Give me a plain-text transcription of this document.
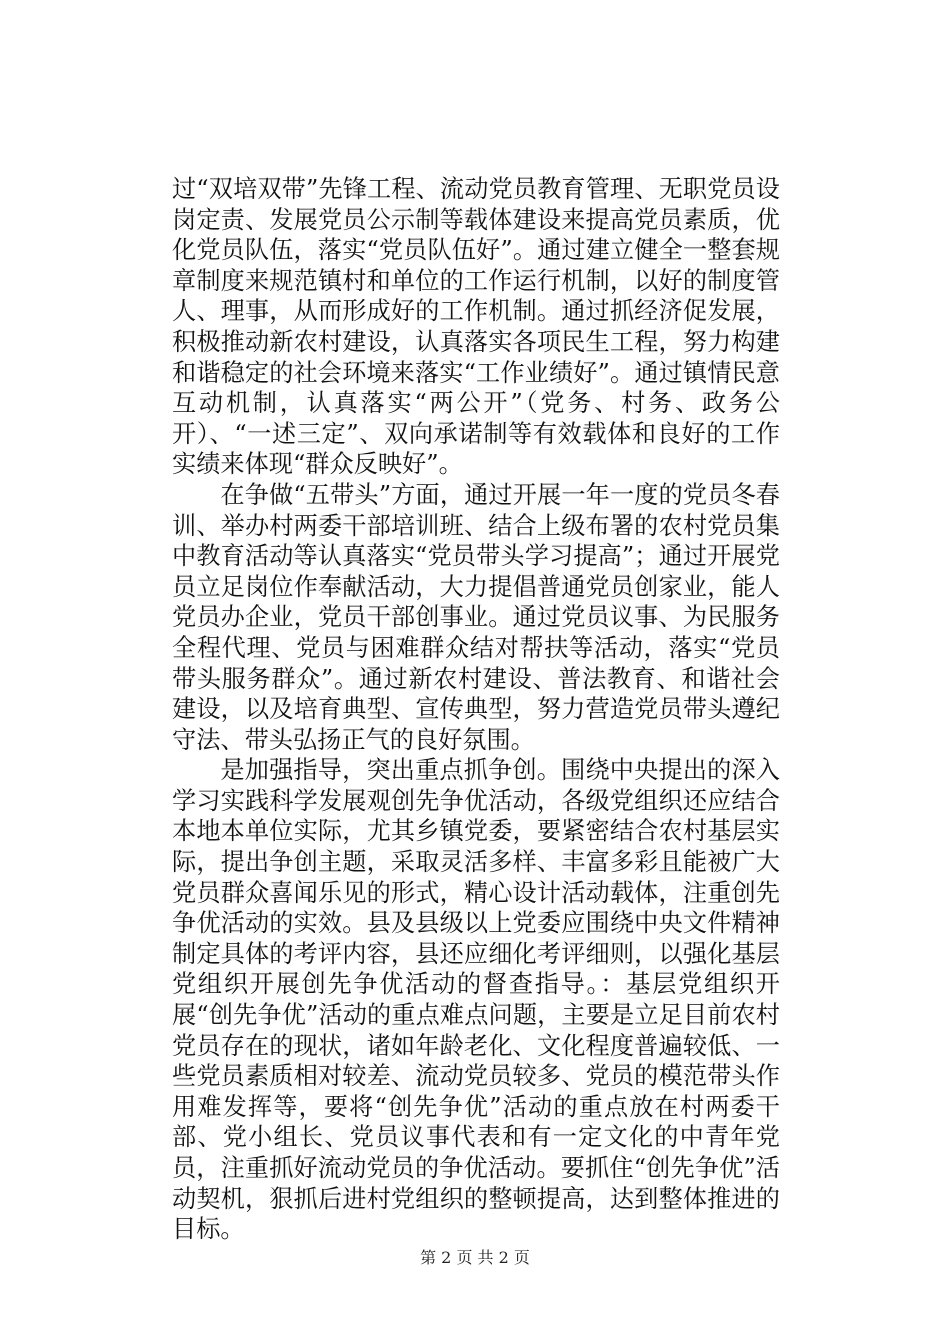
过“双培双带”先锋工程、流动党员教育管理、无职党员设岗定责、发展党员公示制等载体建设来提高党员素质，优化党员队伍，落实“党员队伍好”。通过建立健全一整套规章制度来规范镇村和单位的工作运行机制，以好的制度管人、理事，从而形成好的工作机制。通过抓经济促发展，积极推动新农村建设，认真落实各项民生工程，努力构建和谐稳定的社会环境来落实“工作业绩好”。通过镇情民意互动机制，认真落实“两公开”（党务、村务、政务公开）、“一述三定”、双向承诺制等有效载体和良好的工作实绩来体现“群众反映好”。

在争做“五带头”方面，通过开展一年一度的党员冬春训、举办村两委干部培训班、结合上级布署的农村党员集中教育活动等认真落实“党员带头学习提高”；通过开展党员立足岗位作奉献活动，大力提倡普通党员创家业，能人党员办企业，党员干部创事业。通过党员议事、为民服务全程代理、党员与困难群众结对帮扶等活动，落实“党员带头服务群众”。通过新农村建设、普法教育、和谐社会建设，以及培育典型、宣传典型，努力营造党员带头遵纪守法、带头弘扬正气的良好氛围。

是加强指导，突出重点抓争创。围绕中央提出的深入学习实践科学发展观创先争优活动，各级党组织还应结合本地本单位实际，尤其乡镇党委，要紧密结合农村基层实际，提出争创主题，采取灵活多样、丰富多彩且能被广大党员群众喜闻乐见的形式，精心设计活动载体，注重创先争优活动的实效。县及县级以上党委应围绕中央文件精神制定具体的考评内容，县还应细化考评细则，以强化基层党组织开展创先争优活动的督查指导。：基层党组织开展“创先争优”活动的重点难点问题，主要是立足目前农村党员存在的现状，诸如年龄老化、文化程度普遍较低、一些党员素质相对较差、流动党员较多、党员的模范带头作用难发挥等，要将“创先争优”活动的重点放在村两委干部、党小组长、党员议事代表和有一定文化的中青年党员，注重抓好流动党员的争优活动。要抓住“创先争优”活动契机，狠抓后进村党组织的整顿提高，达到整体推进的目标。

第 2 页 共 2 页
